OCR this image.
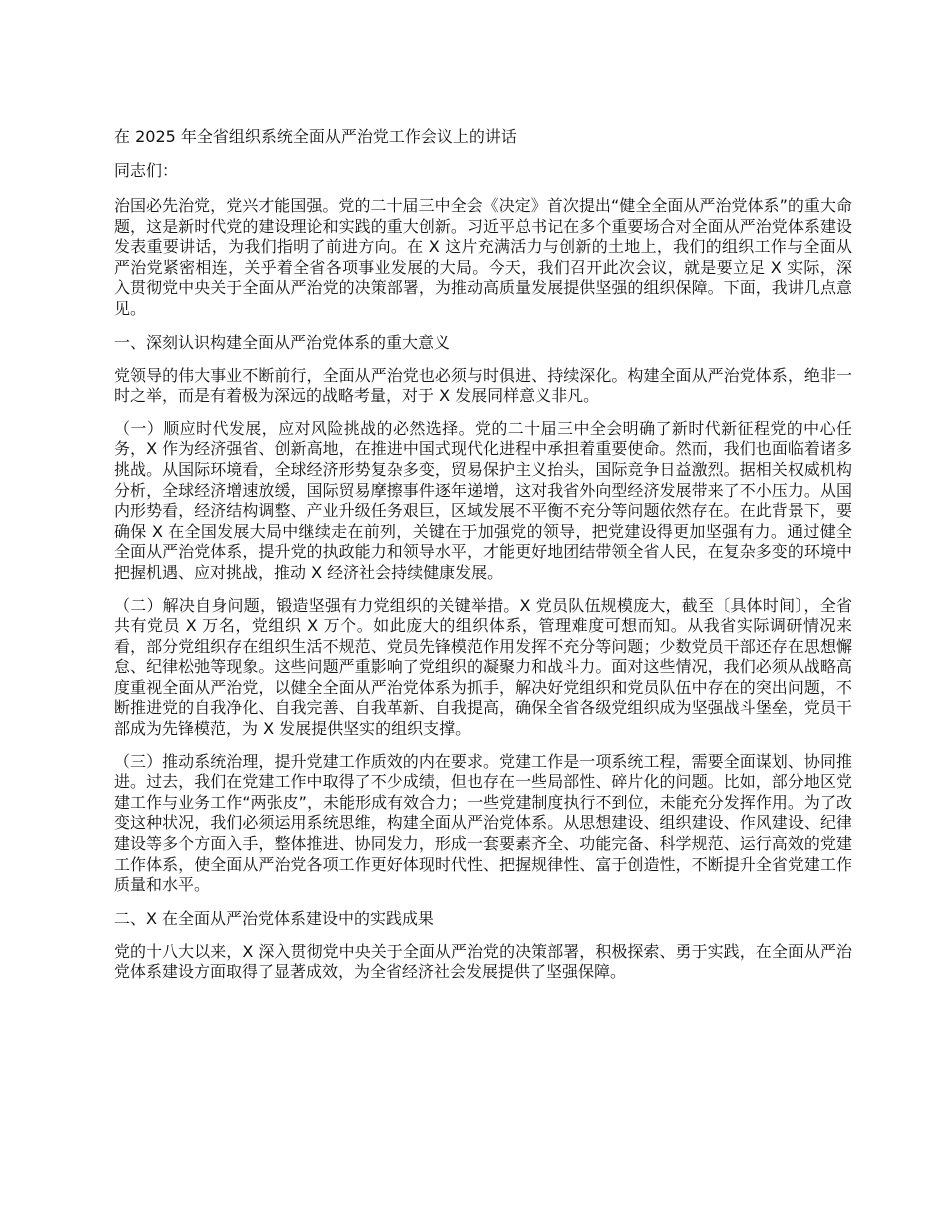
在 2025 年全省组织系统全面从严治党工作会议上的讲话
同志们：

治国必先治党，党兴才能国强。党的二十届三中全会《决定》首次提出“健全全面从严治党体系”的重大命题，这是新时代党的建设理论和实践的重大创新。习近平总书记在多个重要场合对全面从严治党体系建设发表重要讲话，为我们指明了前进方向。在 X 这片充满活力与创新的土地上，我们的组织工作与全面从严治党紧密相连，关乎着全省各项事业发展的大局。今天，我们召开此次会议，就是要立足 X 实际，深入贯彻党中央关于全面从严治党的决策部署，为推动高质量发展提供坚强的组织保障。下面，我讲几点意见。

一、深刻认识构建全面从严治党体系的重大意义

党领导的伟大事业不断前行，全面从严治党也必须与时俱进、持续深化。构建全面从严治党体系，绝非一时之举，而是有着极为深远的战略考量，对于 X 发展同样意义非凡。

（一）顺应时代发展，应对风险挑战的必然选择。党的二十届三中全会明确了新时代新征程党的中心任务，X 作为经济强省、创新高地，在推进中国式现代化进程中承担着重要使命。然而，我们也面临着诸多挑战。从国际环境看，全球经济形势复杂多变，贸易保护主义抬头，国际竞争日益激烈。据相关权威机构分析，全球经济增速放缓，国际贸易摩擦事件逐年递增，这对我省外向型经济发展带来了不小压力。从国内形势看，经济结构调整、产业升级任务艰巨，区域发展不平衡不充分等问题依然存在。在此背景下，要确保 X 在全国发展大局中继续走在前列，关键在于加强党的领导，把党建设得更加坚强有力。通过健全全面从严治党体系，提升党的执政能力和领导水平，才能更好地团结带领全省人民，在复杂多变的环境中把握机遇、应对挑战，推动 X 经济社会持续健康发展。

（二）解决自身问题，锻造坚强有力党组织的关键举措。X 党员队伍规模庞大，截至〔具体时间〕，全省共有党员 X 万名，党组织 X 万个。如此庞大的组织体系，管理难度可想而知。从我省实际调研情况来看，部分党组织存在组织生活不规范、党员先锋模范作用发挥不充分等问题；少数党员干部还存在思想懈怠、纪律松弛等现象。这些问题严重影响了党组织的凝聚力和战斗力。面对这些情况，我们必须从战略高度重视全面从严治党，以健全全面从严治党体系为抓手，解决好党组织和党员队伍中存在的突出问题，不断推进党的自我净化、自我完善、自我革新、自我提高，确保全省各级党组织成为坚强战斗堡垒，党员干部成为先锋模范，为 X 发展提供坚实的组织支撑。

（三）推动系统治理，提升党建工作质效的内在要求。党建工作是一项系统工程，需要全面谋划、协同推进。过去，我们在党建工作中取得了不少成绩，但也存在一些局部性、碎片化的问题。比如，部分地区党建工作与业务工作“两张皮”，未能形成有效合力；一些党建制度执行不到位，未能充分发挥作用。为了改变这种状况，我们必须运用系统思维，构建全面从严治党体系。从思想建设、组织建设、作风建设、纪律建设等多个方面入手，整体推进、协同发力，形成一套要素齐全、功能完备、科学规范、运行高效的党建工作体系，使全面从严治党各项工作更好体现时代性、把握规律性、富于创造性，不断提升全省党建工作质量和水平。

二、X 在全面从严治党体系建设中的实践成果

党的十八大以来，X 深入贯彻党中央关于全面从严治党的决策部署，积极探索、勇于实践，在全面从严治党体系建设方面取得了显著成效，为全省经济社会发展提供了坚强保障。
